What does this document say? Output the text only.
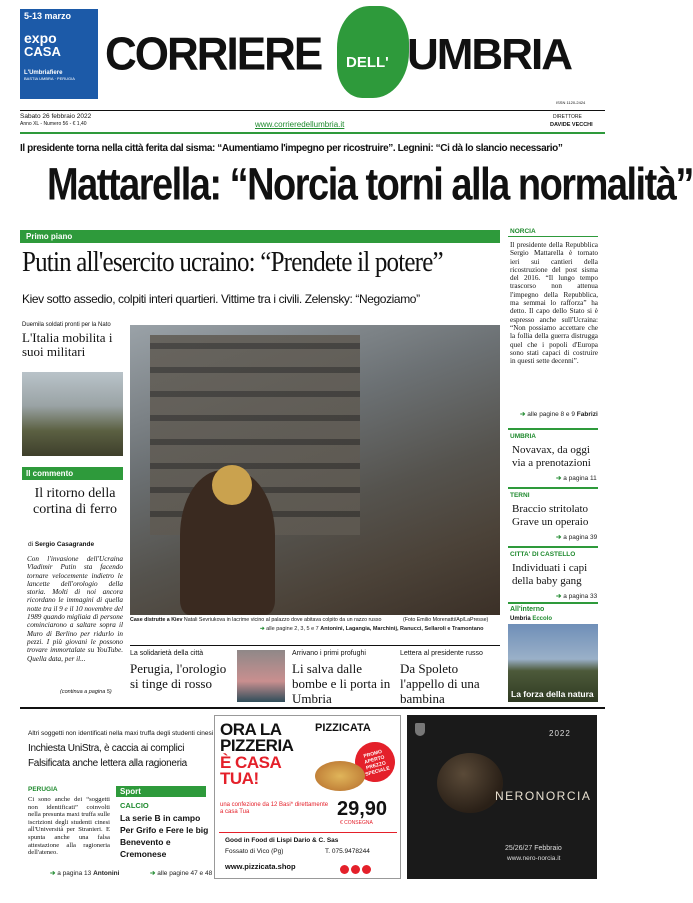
5-13 marzo
expo
CASA
L'Umbriafiere
BASTIA UMBRA · PERUGIA CORRIERE DELL' UMBRIA
Sabato 26 febbraio 2022
Anno XL - Numero 56 - € 1,40	www.corrieredellumbria.it
ISSN 1120-2424
DIRETTORE
DAVIDE VECCHI
Il presidente torna nella città ferita dal sisma: “Aumentiamo l'impegno per ricostruire”. Legnini: “Ci dà lo slancio necessario”
Mattarella: “Norcia torni alla normalità”
Primo piano
Putin all'esercito ucraino: “Prendete il potere”
Kiev sotto assedio, colpiti interi quartieri. Vittime tra i civili. Zelensky: “Negoziamo”
Duemila soldati pronti per la Nato
L'Italia mobilita i suoi militari
Case distrutte a Kiev Natali Sevriukova in lacrime vicino al palazzo dove abitava colpito da un razzo russo	(Foto Emilio Morenatti/Ap/LaPresse)
➔ alle pagine 2, 3, 5 e 7 Antonini, Lagangia, Marchinij, Ranucci, Sellaroli e Tramontano
Il commento
Il ritorno della cortina di ferro
di Sergio Casagrande
Con l'invasione dell'Ucraina Vladimir Putin sta facendo tornare velocemente indietro le lancette dell'orologio della storia. Molti di noi ancora ricordano le immagini di quella notte tra il 9 e il 10 novembre del 1989 quando migliaia di persone cominciarono a saltare sopra il Muro di Berlino per ridurlo in pezzi. I più giovani le possono trovare immortalate su YouTube. Quella data, per il...
(continua a pagina 5)
NORCIA
Il presidente della Repubblica Sergio Mattarella è tornato ieri sui cantieri della ricostruzione del post sisma del 2016. “Il lungo tempo trascorso non attenua l'impegno della Repubblica, ma semmai lo rafforza” ha detto. Il capo dello Stato si è espresso anche sull'Ucraina: “Non possiamo accettare che la follia della guerra distrugga quel che i popoli d'Europa sono stati capaci di costruire in questi sette decenni”.
➔ alle pagine 8 e 9 Fabrizi
UMBRIA
Novavax, da oggi via a prenotazioni
➔ a pagina 11
TERNI
Braccio stritolato Grave un operaio
➔ a pagina 39
CITTA' DI CASTELLO
Individuati i capi della baby gang
➔ a pagina 33
All'interno
Umbria Eccolo
La forza della natura
La solidarietà della città
Perugia, l'orologio si tinge di rosso
Arrivano i primi profughi
Li salva dalle bombe e li porta in Umbria
Lettera al presidente russo
Da Spoleto l'appello di una bambina
Altri soggetti non identificati nella maxi truffa degli studenti cinesi
Inchiesta UniStra, è caccia ai complici
Falsificata anche lettera alla ragioneria
PERUGIA
Ci sono anche dei “soggetti non identificati” coinvolti nella presunta maxi truffa sulle iscrizioni degli studenti cinesi all'Università per Stranieri. E spunta anche una falsa attestazione alla ragioneria dell'ateneo.
➔ a pagina 13 Antonini
Sport
CALCIO
La serie B in campo Per Grifo e Fere le big Benevento e Cremonese
➔ alle pagine 47 e 48
ORA LA
PIZZERIA
È CASA
TUA!
PIZZICATA
PROMO APERTO PREZZO SPECIALE
una confezione da 12 Basi* direttamente a casa Tua	29,90
€ CONSEGNA
Good in Food di Lispi Dario & C. Sas
Fossato di Vico (Pg)	T. 075.9478244
www.pizzicata.shop
2022
NERONORCIA
25/26/27 Febbraio
www.nero-norcia.it
